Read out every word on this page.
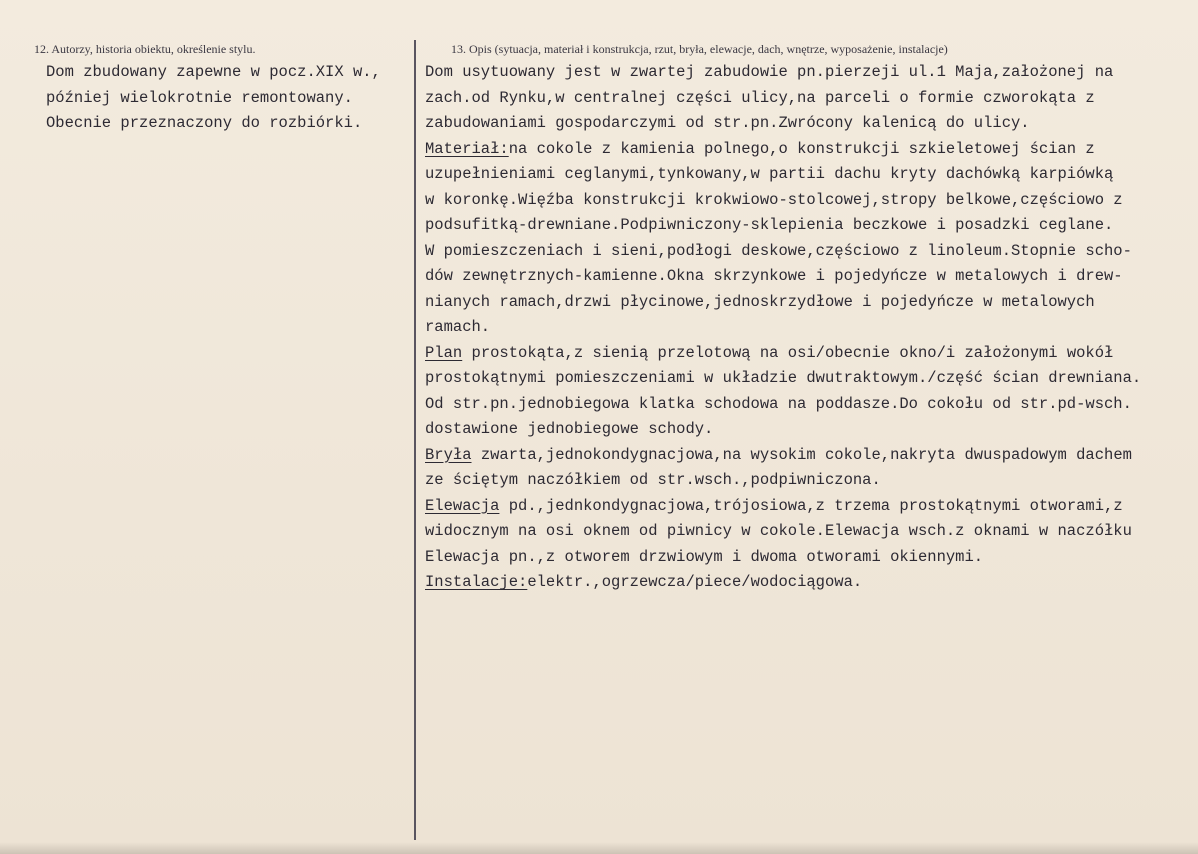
12. Autorzy, historia obiektu, określenie stylu.	13. Opis (sytuacja, materiał i konstrukcja, rzut, bryła, elewacje, dach, wnętrze, wyposażenie, instalacje)
Dom zbudowany zapewne w pocz.XIX w.,
później wielokrotnie remontowany.
Obecnie przeznaczony do rozbiórki.
Dom usytuowany jest w zwartej zabudowie pn.pierzeji ul.1 Maja,założonej na
zach.od Rynku,w centralnej części ulicy,na parceli o formie czworokąta z
zabudowaniami gospodarczymi od str.pn.Zwrócony kalenicą do ulicy.
Materiał:na cokole z kamienia polnego,o konstrukcji szkieletowej ścian z
uzupełnieniami ceglanymi,tynkowany,w partii dachu kryty dachówką karpiówką
w koronkę.Więźba konstrukcji krokwiowo-stolcowej,stropy belkowe,częściowo z
podsufitką-drewniane.Podpiwniczony-sklepienia beczkowe i posadzki ceglane.
W pomieszczeniach i sieni,podłogi deskowe,częściowo z linoleum.Stopnie scho-
dów zewnętrznych-kamienne.Okna skrzynkowe i pojedyńcze w metalowych i drew-
nianych ramach,drzwi płycinowe,jednoskrzydłowe i pojedyńcze w metalowych
ramach.
Plan prostokąta,z sienią przelotową na osi/obecnie okno/i założonymi wokół
prostokątnymi pomieszczeniami w układzie dwutraktowym./część ścian drewniana.
Od str.pn.jednobiegowa klatka schodowa na poddasze.Do cokołu od str.pd-wsch.
dostawione jednobiegowe schody.
Bryła zwarta,jednokondygnacjowa,na wysokim cokole,nakryta dwuspadowym dachem
ze ściętym naczółkiem od str.wsch.,podpiwniczona.
Elewacja pd.,jednkondygnacjowa,trójosiowa,z trzema prostokątnymi otworami,z
widocznym na osi oknem od piwnicy w cokole.Elewacja wsch.z oknami w naczółku
Elewacja pn.,z otworem drzwiowym i dwoma otworami okiennymi.
Instalacje:elektr.,ogrzewcza/piece/wodociągowa.
